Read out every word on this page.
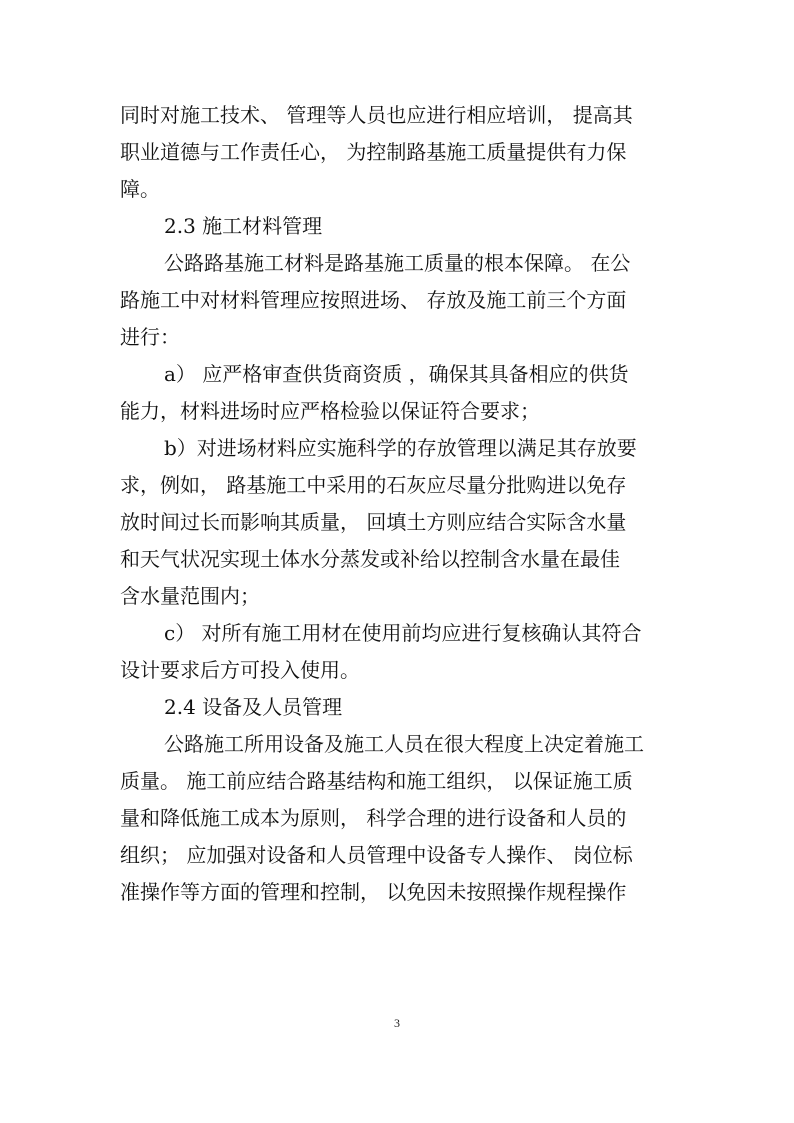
同时对施工技术、 管理等人员也应进行相应培训， 提高其
职业道德与工作责任心， 为控制路基施工质量提供有力保
障。
2.3 施工材料管理
公路路基施工材料是路基施工质量的根本保障。 在公
路施工中对材料管理应按照进场、 存放及施工前三个方面
进行：
a） 应严格审查供货商资质 ，确保其具备相应的供货
能力，材料进场时应严格检验以保证符合要求；
b）对进场材料应实施科学的存放管理以满足其存放要
求，例如， 路基施工中采用的石灰应尽量分批购进以免存
放时间过长而影响其质量， 回填土方则应结合实际含水量
和天气状况实现土体水分蒸发或补给以控制含水量在最佳
含水量范围内；
c） 对所有施工用材在使用前均应进行复核确认其符合
设计要求后方可投入使用。
2.4 设备及人员管理
公路施工所用设备及施工人员在很大程度上决定着施工
质量。 施工前应结合路基结构和施工组织， 以保证施工质
量和降低施工成本为原则， 科学合理的进行设备和人员的
组织； 应加强对设备和人员管理中设备专人操作、 岗位标
准操作等方面的管理和控制， 以免因未按照操作规程操作
3
